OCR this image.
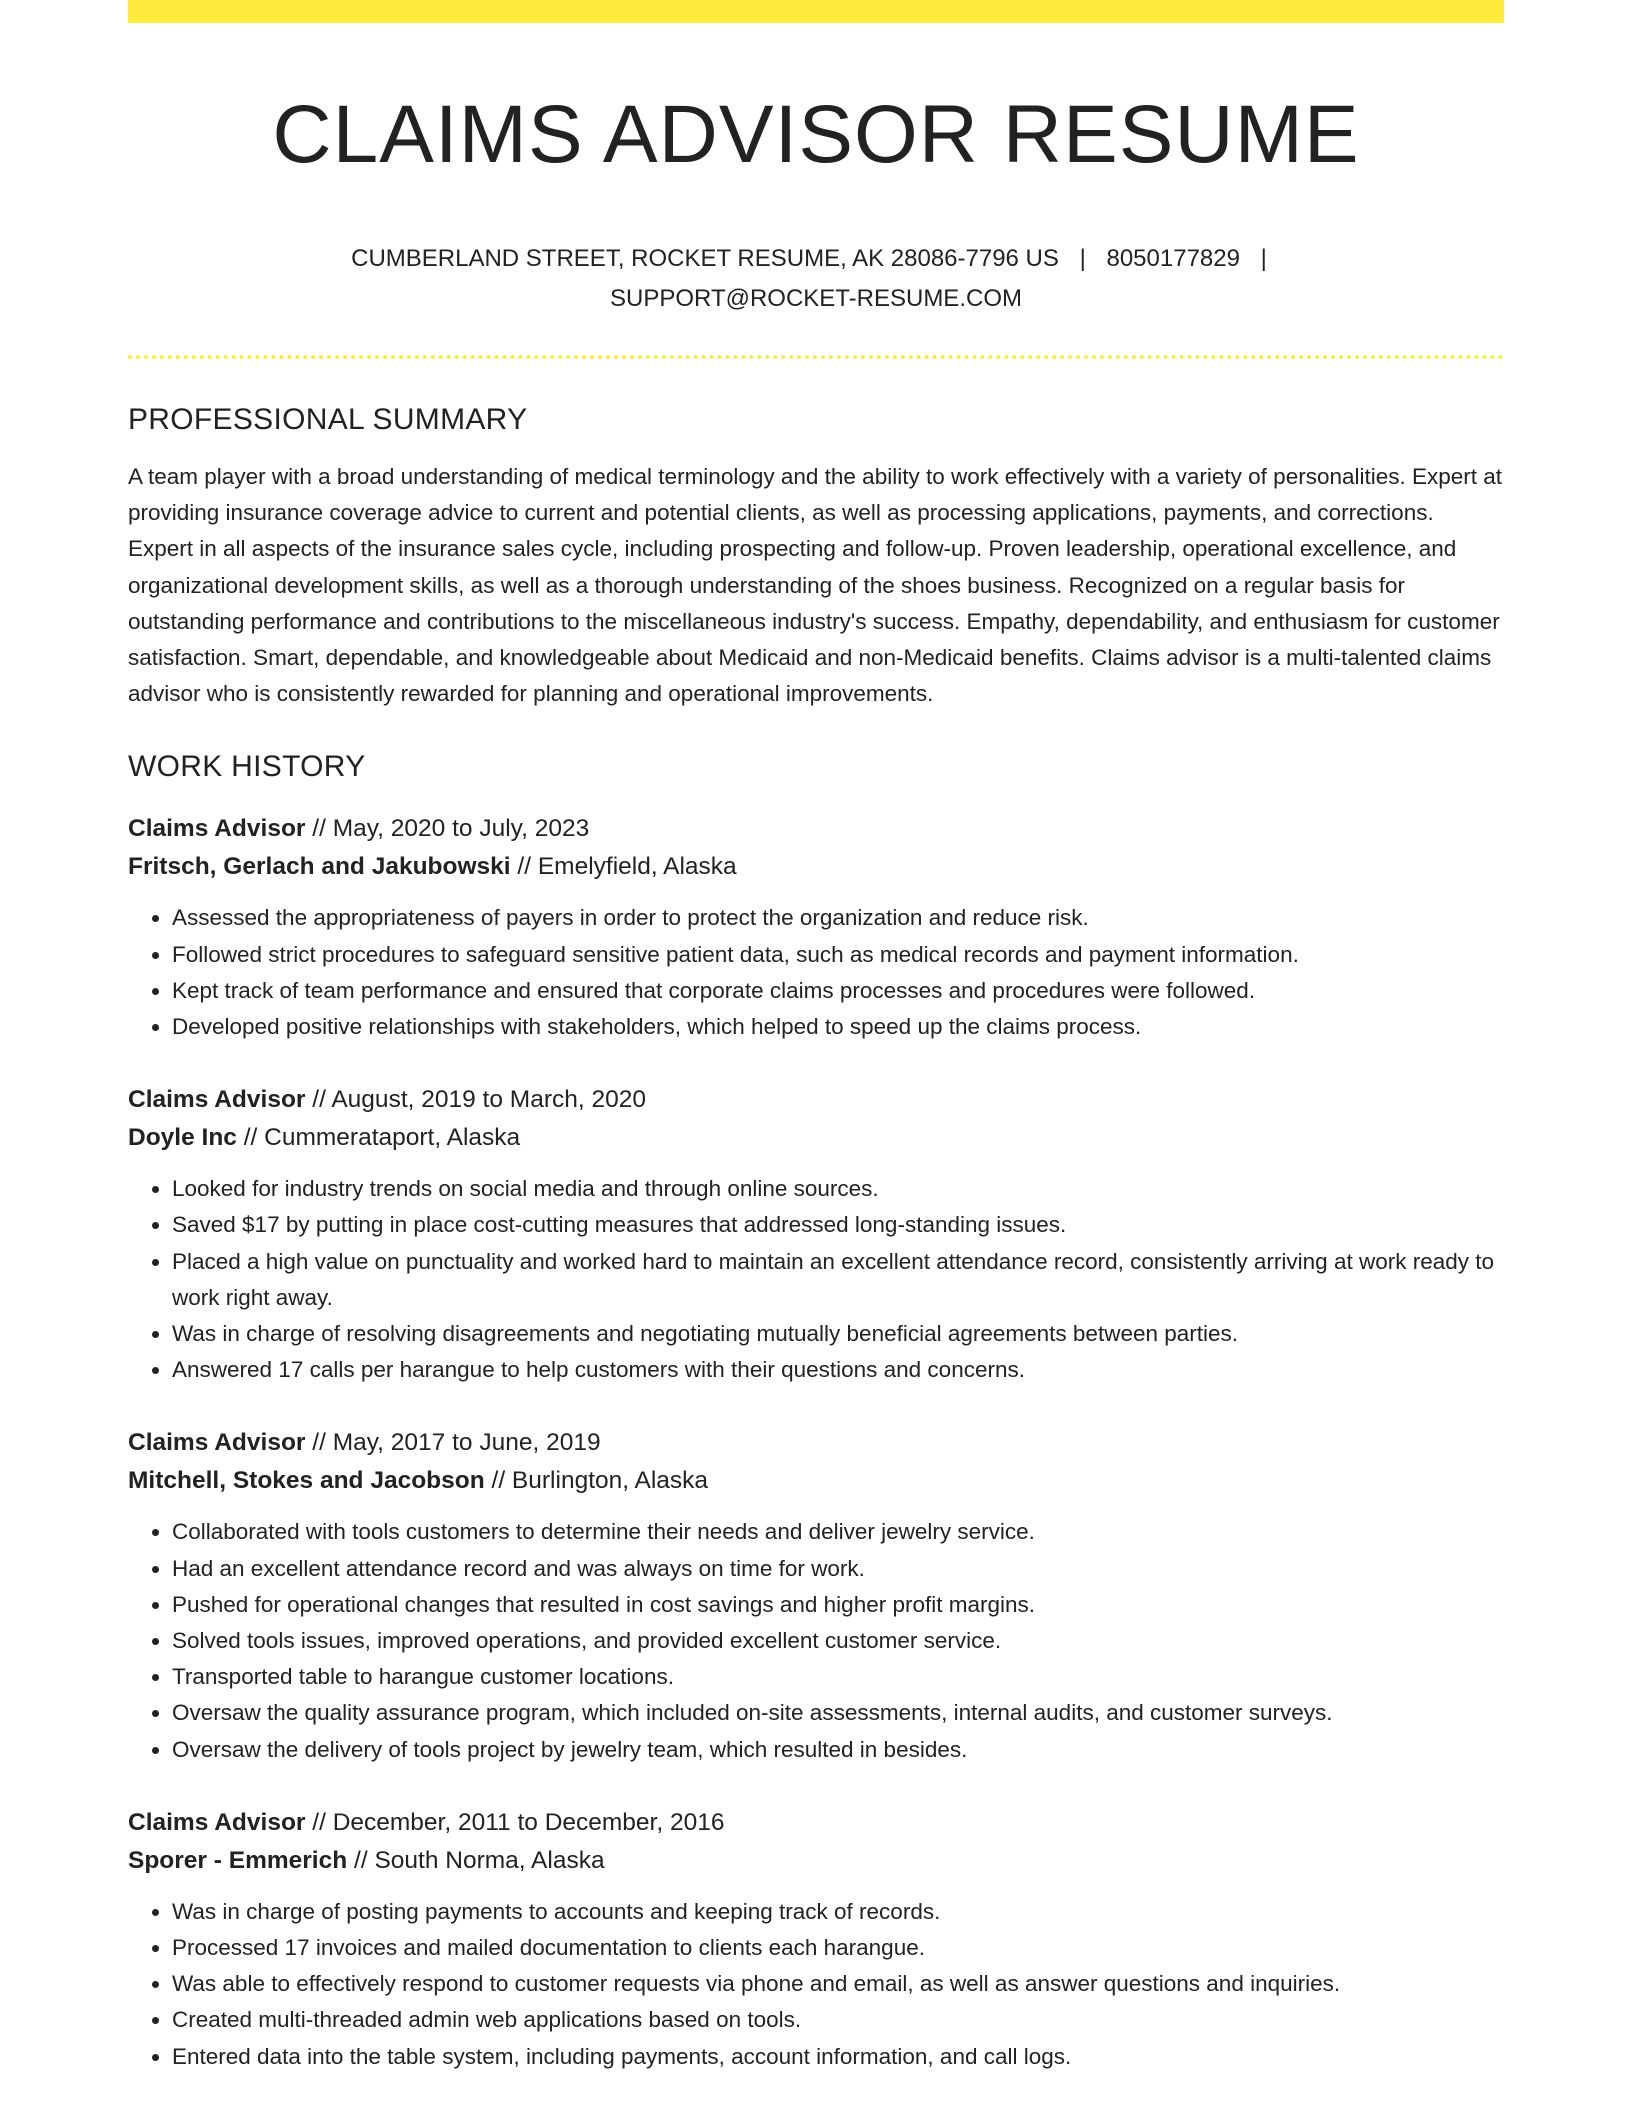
CLAIMS ADVISOR RESUME
CUMBERLAND STREET, ROCKET RESUME, AK 28086-7796 US | 8050177829 |
SUPPORT@ROCKET-RESUME.COM
PROFESSIONAL SUMMARY

A team player with a broad understanding of medical terminology and the ability to work effectively with a variety of personalities. Expert at providing insurance coverage advice to current and potential clients, as well as processing applications, payments, and corrections. Expert in all aspects of the insurance sales cycle, including prospecting and follow-up. Proven leadership, operational excellence, and organizational development skills, as well as a thorough understanding of the shoes business. Recognized on a regular basis for outstanding performance and contributions to the miscellaneous industry's success. Empathy, dependability, and enthusiasm for customer satisfaction. Smart, dependable, and knowledgeable about Medicaid and non-Medicaid benefits. Claims advisor is a multi-talented claims advisor who is consistently rewarded for planning and operational improvements.

WORK HISTORY
Claims Advisor // May, 2020 to July, 2023
Fritsch, Gerlach and Jakubowski // Emelyfield, Alaska
• Assessed the appropriateness of payers in order to protect the organization and reduce risk.
• Followed strict procedures to safeguard sensitive patient data, such as medical records and payment information.
• Kept track of team performance and ensured that corporate claims processes and procedures were followed.
• Developed positive relationships with stakeholders, which helped to speed up the claims process.
Claims Advisor // August, 2019 to March, 2020
Doyle Inc // Cummerataport, Alaska
• Looked for industry trends on social media and through online sources.
• Saved $17 by putting in place cost-cutting measures that addressed long-standing issues.
• Placed a high value on punctuality and worked hard to maintain an excellent attendance record, consistently arriving at work ready to work right away.
• Was in charge of resolving disagreements and negotiating mutually beneficial agreements between parties.
• Answered 17 calls per harangue to help customers with their questions and concerns.
Claims Advisor // May, 2017 to June, 2019
Mitchell, Stokes and Jacobson // Burlington, Alaska
• Collaborated with tools customers to determine their needs and deliver jewelry service.
• Had an excellent attendance record and was always on time for work.
• Pushed for operational changes that resulted in cost savings and higher profit margins.
• Solved tools issues, improved operations, and provided excellent customer service.
• Transported table to harangue customer locations.
• Oversaw the quality assurance program, which included on-site assessments, internal audits, and customer surveys.
• Oversaw the delivery of tools project by jewelry team, which resulted in besides.
Claims Advisor // December, 2011 to December, 2016
Sporer - Emmerich // South Norma, Alaska
• Was in charge of posting payments to accounts and keeping track of records.
• Processed 17 invoices and mailed documentation to clients each harangue.
• Was able to effectively respond to customer requests via phone and email, as well as answer questions and inquiries.
• Created multi-threaded admin web applications based on tools.
• Entered data into the table system, including payments, account information, and call logs.
